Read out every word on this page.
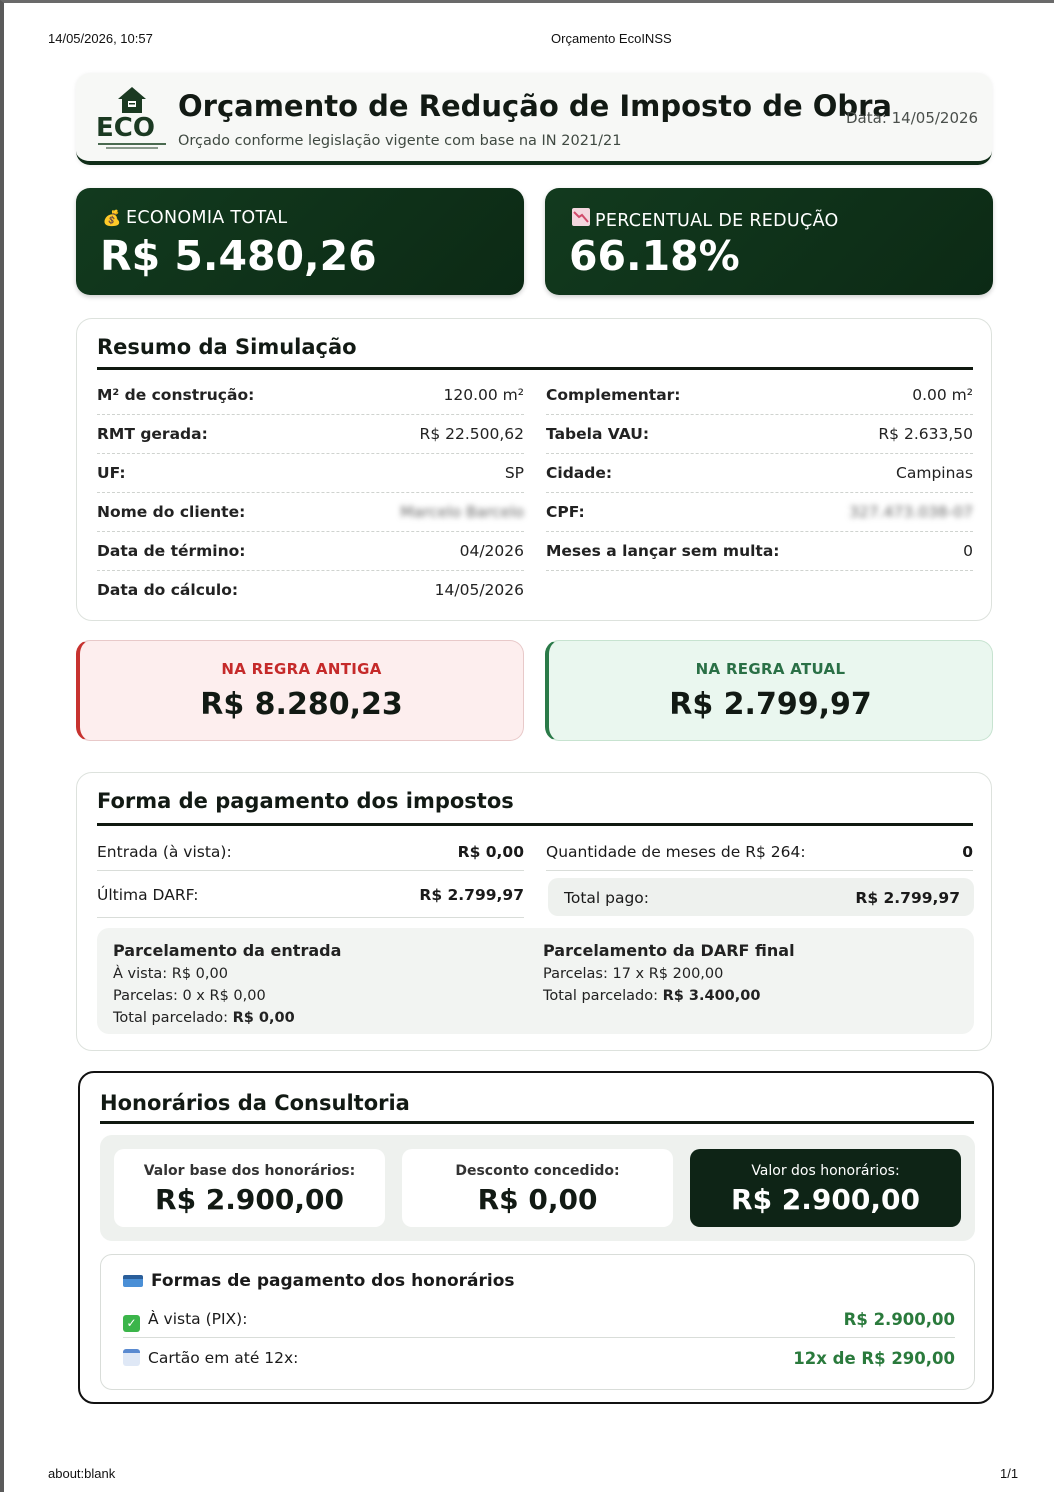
14/05/2026, 10:57	Orçamento EcoINSS
ECO
Orçamento de Redução de Imposto de Obra
Orçado conforme legislação vigente com base na IN 2021/21
Data: 14/05/2026
💰 ECONOMIA TOTAL
R$ 5.480,26
PERCENTUAL DE REDUÇÃO
66.18%
Resumo da Simulação
M² de construção:	120.00 m²
RMT gerada:	R$ 22.500,62
UF:	SP
Nome do cliente:	Marcelo Barcelo
Data de término:	04/2026
Data do cálculo:	14/05/2026
Complementar:	0.00 m²
Tabela VAU:	R$ 2.633,50
Cidade:	Campinas
CPF:	327.473.038-07
Meses a lançar sem multa:	0
NA REGRA ANTIGA
R$ 8.280,23
NA REGRA ATUAL
R$ 2.799,97
Forma de pagamento dos impostos
Entrada (à vista):	R$ 0,00 Quantidade de meses de R$ 264:	0
Última DARF:	R$ 2.799,97	Total pago:	R$ 2.799,97
Parcelamento da entrada
À vista: R$ 0,00
Parcelas: 0 x R$ 0,00
Total parcelado: R$ 0,00
Parcelamento da DARF final
Parcelas: 17 x R$ 200,00
Total parcelado: R$ 3.400,00
Honorários da Consultoria
Valor base dos honorários:
R$ 2.900,00
Desconto concedido:
R$ 0,00
Valor dos honorários:
R$ 2.900,00
Formas de pagamento dos honorários
✓ À vista (PIX):	R$ 2.900,00
Cartão em até 12x:	12x de R$ 290,00
about:blank	1/1
